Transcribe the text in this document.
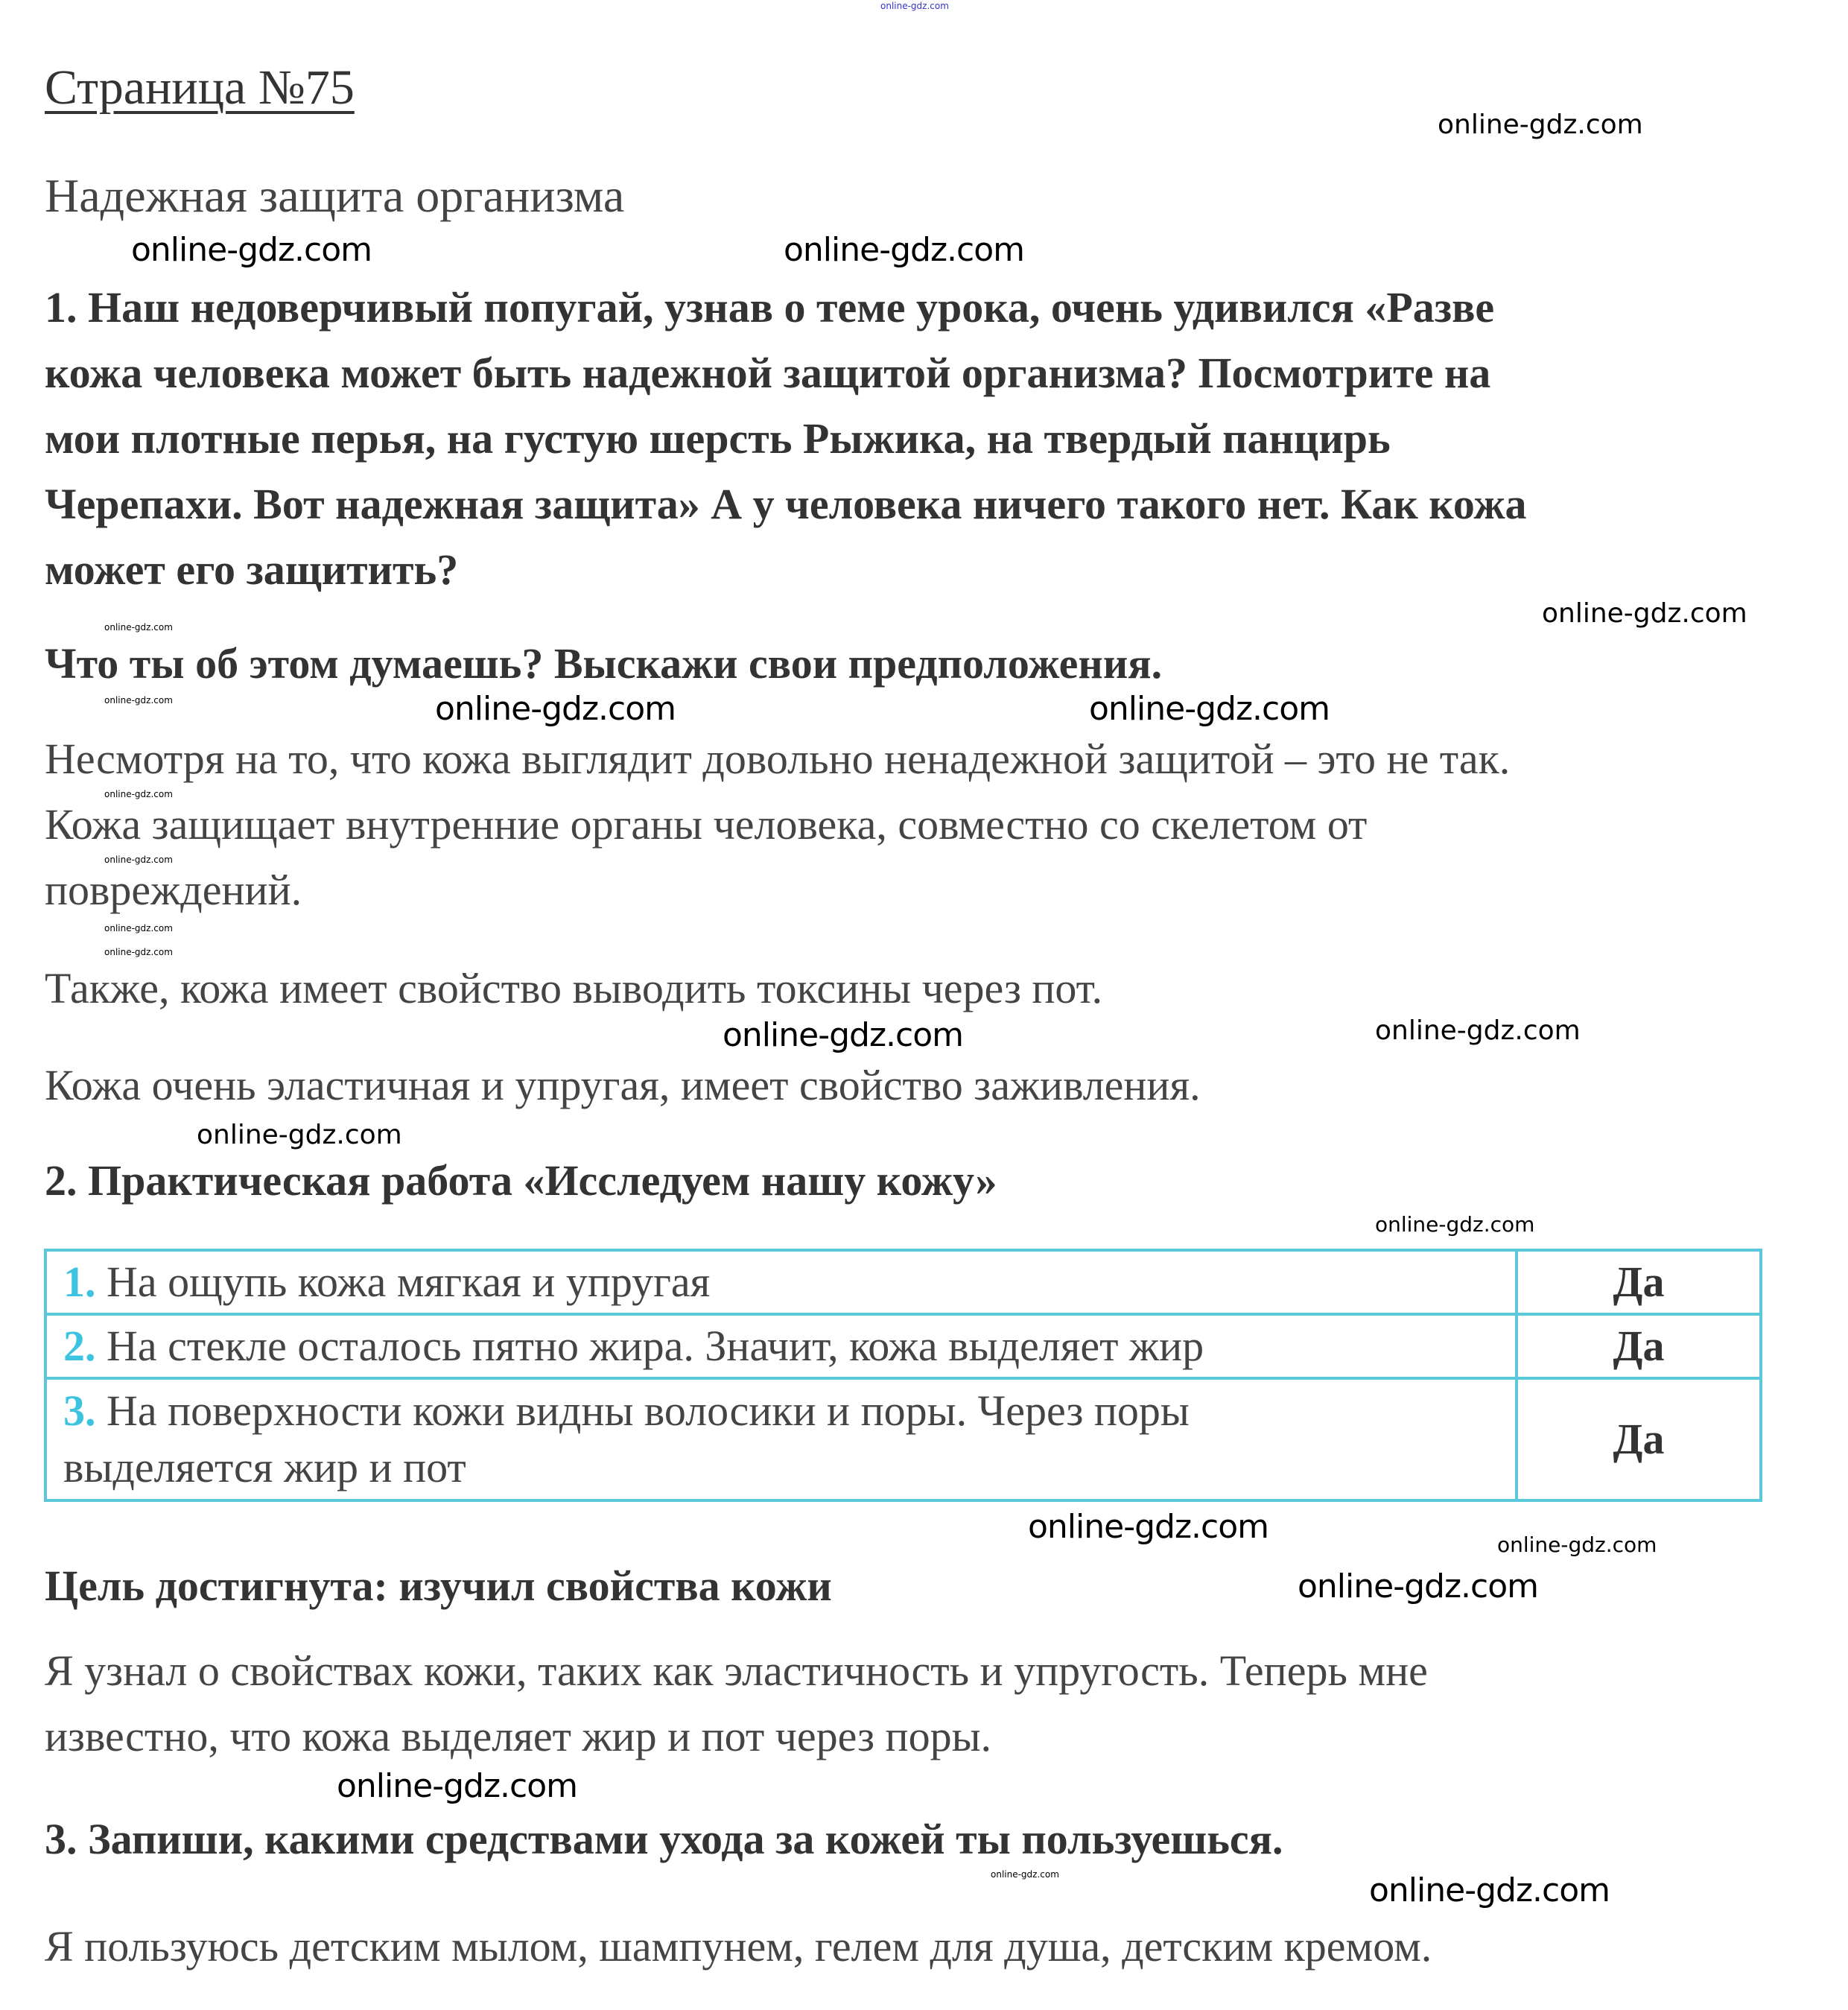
online-gdz.com
Страница №75
Надежная защита организма
1. Наш недоверчивый попугай, узнав о теме урока, очень удивился «Разве
кожа человека может быть надежной защитой организма? Посмотрите на
мои плотные перья, на густую шерсть Рыжика, на твердый панцирь
Черепахи. Вот надежная защита» А у человека ничего такого нет. Как кожа
может его защитить?
Что ты об этом думаешь? Выскажи свои предположения.
Несмотря на то, что кожа выглядит довольно ненадежной защитой – это не так.
Кожа защищает внутренние органы человека, совместно со скелетом от
повреждений.
Также, кожа имеет свойство выводить токсины через пот.
Кожа очень эластичная и упругая, имеет свойство заживления.
2. Практическая работа «Исследуем нашу кожу»
1. На ощупь кожа мягкая и упругая	Да
2. На стекле осталось пятно жира. Значит, кожа выделяет жир	Да
3. На поверхности кожи видны волосики и поры. Через поры
выделяется жир и пот	Да
Цель достигнута: изучил свойства кожи
Я узнал о свойствах кожи, таких как эластичность и упругость. Теперь мне
известно, что кожа выделяет жир и пот через поры.
3. Запиши, какими средствами ухода за кожей ты пользуешься.
Я пользуюсь детским мылом, шампунем, гелем для душа, детским кремом.
online-gdz.com
online-gdz.com	online-gdz.com
online-gdz.com
online-gdz.com
online-gdz.com	online-gdz.com	online-gdz.com
online-gdz.com
online-gdz.com
online-gdz.com
online-gdz.com
online-gdz.com	online-gdz.com
online-gdz.com
online-gdz.com
online-gdz.com
online-gdz.com
online-gdz.com
online-gdz.com
online-gdz.com	online-gdz.com
